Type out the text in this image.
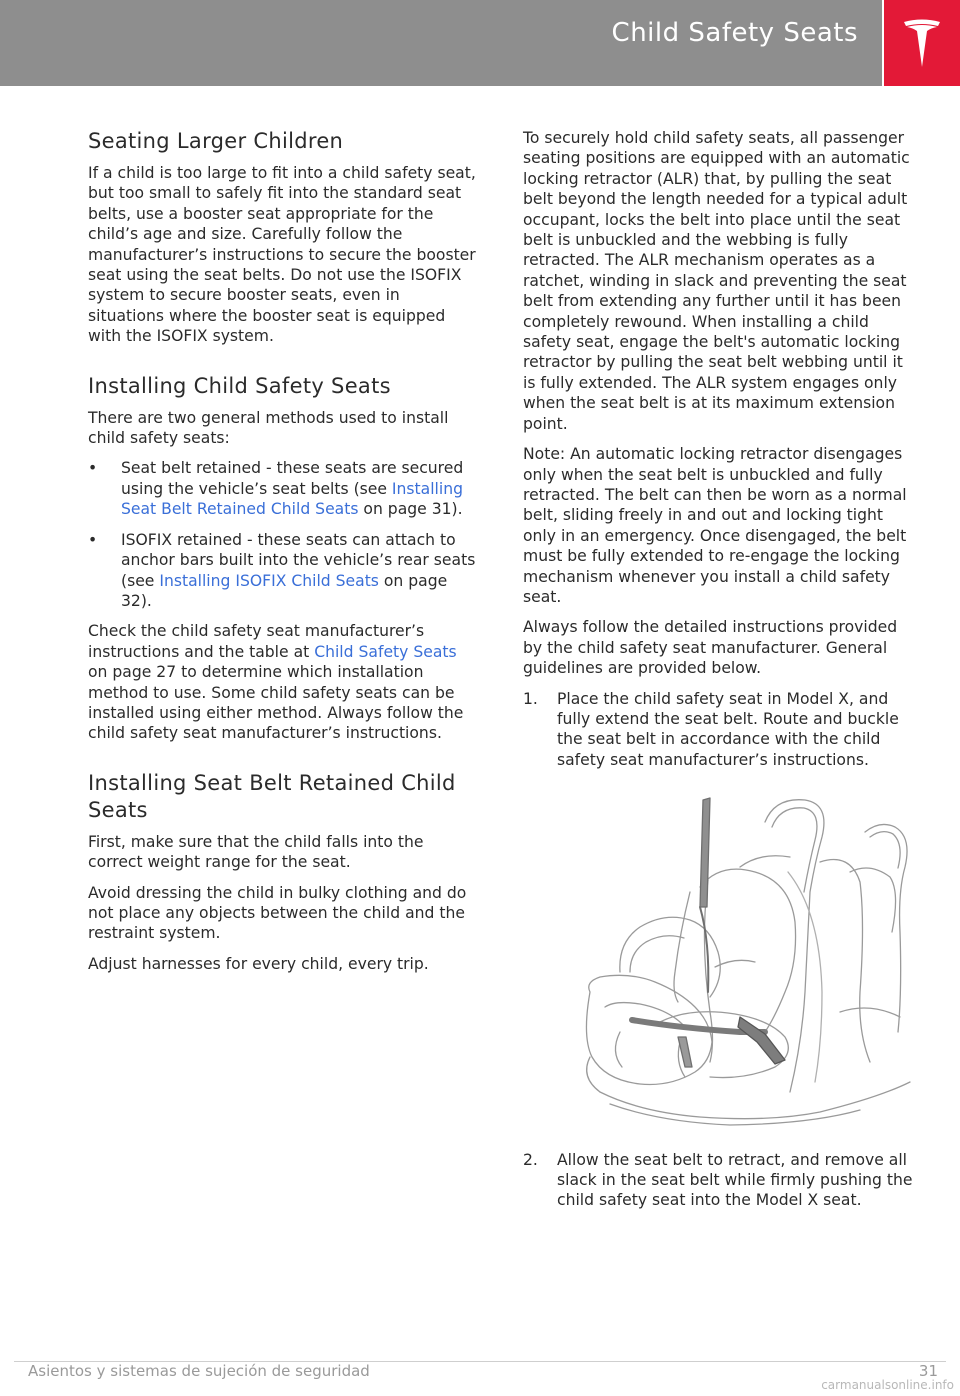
Child Safety Seats
Seating Larger Children

If a child is too large to fit into a child safety seat, but too small to safely fit into the standard seat belts, use a booster seat appropriate for the child’s age and size. Carefully follow the manufacturer’s instructions to secure the booster seat using the seat belts. Do not use the ISOFIX system to secure booster seats, even in situations where the booster seat is equipped with the ISOFIX system.

Installing Child Safety Seats

There are two general methods used to install child safety seats:

• Seat belt retained - these seats are secured using the vehicle’s seat belts (see Installing Seat Belt Retained Child Seats on page 31).
• ISOFIX retained - these seats can attach to anchor bars built into the vehicle’s rear seats (see Installing ISOFIX Child Seats on page 32).

Check the child safety seat manufacturer’s instructions and the table at Child Safety Seats on page 27 to determine which installation method to use. Some child safety seats can be installed using either method. Always follow the child safety seat manufacturer’s instructions.

Installing Seat Belt Retained Child Seats

First, make sure that the child falls into the correct weight range for the seat.

Avoid dressing the child in bulky clothing and do not place any objects between the child and the restraint system.

Adjust harnesses for every child, every trip.

To securely hold child safety seats, all passenger seating positions are equipped with an automatic locking retractor (ALR) that, by pulling the seat belt beyond the length needed for a typical adult occupant, locks the belt into place until the seat belt is unbuckled and the webbing is fully retracted. The ALR mechanism operates as a ratchet, winding in slack and preventing the seat belt from extending any further until it has been completely rewound. When installing a child safety seat, engage the belt's automatic locking retractor by pulling the seat belt webbing until it is fully extended. The ALR system engages only when the seat belt is at its maximum extension point.

Note: An automatic locking retractor disengages only when the seat belt is unbuckled and fully retracted. The belt can then be worn as a normal belt, sliding freely in and out and locking tight only in an emergency. Once disengaged, the belt must be fully extended to re-engage the locking mechanism whenever you install a child safety seat.

Always follow the detailed instructions provided by the child safety seat manufacturer. General guidelines are provided below.

1. Place the child safety seat in Model X, and fully extend the seat belt. Route and buckle the seat belt in accordance with the child safety seat manufacturer’s instructions.
2. Allow the seat belt to retract, and remove all slack in the seat belt while firmly pushing the child safety seat into the Model X seat.
Asientos y sistemas de sujeción de seguridad	31
carmanualsonline.info
